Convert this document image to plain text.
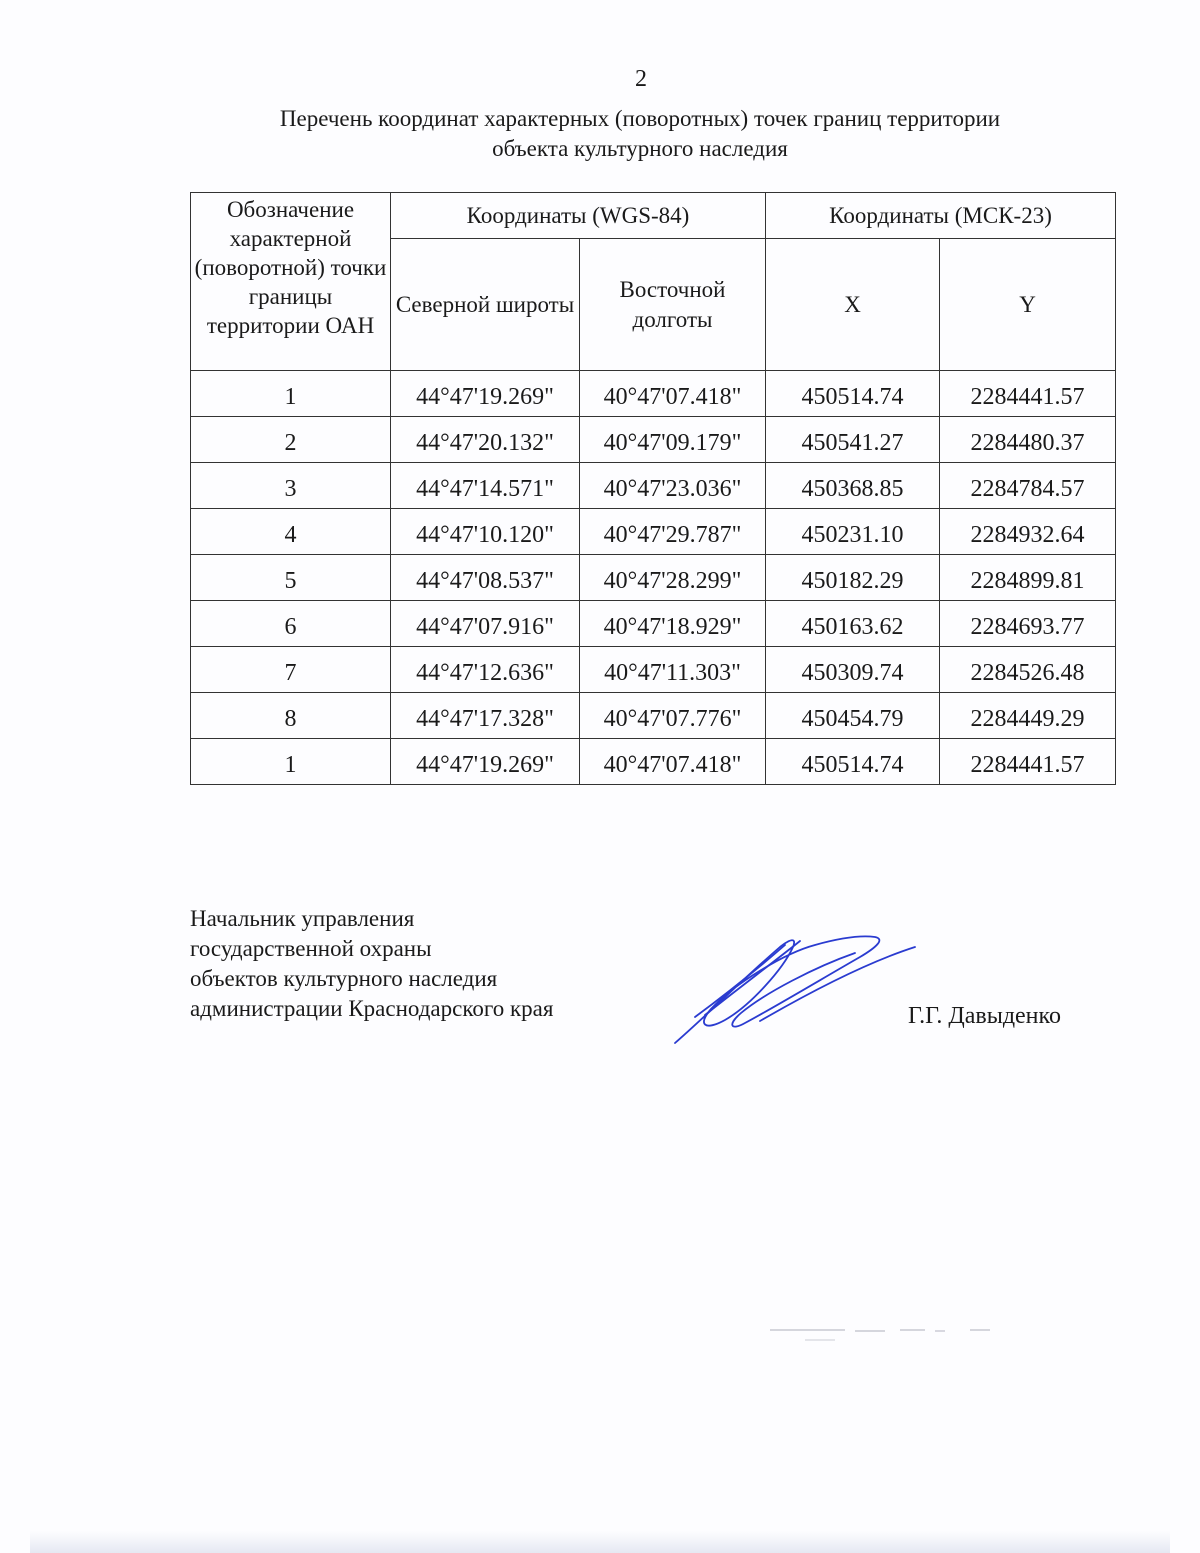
2
Перечень координат характерных (поворотных) точек границ территории
объекта культурного наследия
Обозначение характерной (поворотной) точки границы территории ОАН	Координаты (WGS-84)		Координаты (МСК-23)	
	Северной широты	Восточной долготы	X	Y
1	44°47'19.269"	40°47'07.418"	450514.74	2284441.57
2	44°47'20.132"	40°47'09.179"	450541.27	2284480.37
3	44°47'14.571"	40°47'23.036"	450368.85	2284784.57
4	44°47'10.120"	40°47'29.787"	450231.10	2284932.64
5	44°47'08.537"	40°47'28.299"	450182.29	2284899.81
6	44°47'07.916"	40°47'18.929"	450163.62	2284693.77
7	44°47'12.636"	40°47'11.303"	450309.74	2284526.48
8	44°47'17.328"	40°47'07.776"	450454.79	2284449.29
1	44°47'19.269"	40°47'07.418"	450514.74	2284441.57
Начальник управления
государственной охраны
объектов культурного наследия
администрации Краснодарского края	Г.Г. Давыденко
